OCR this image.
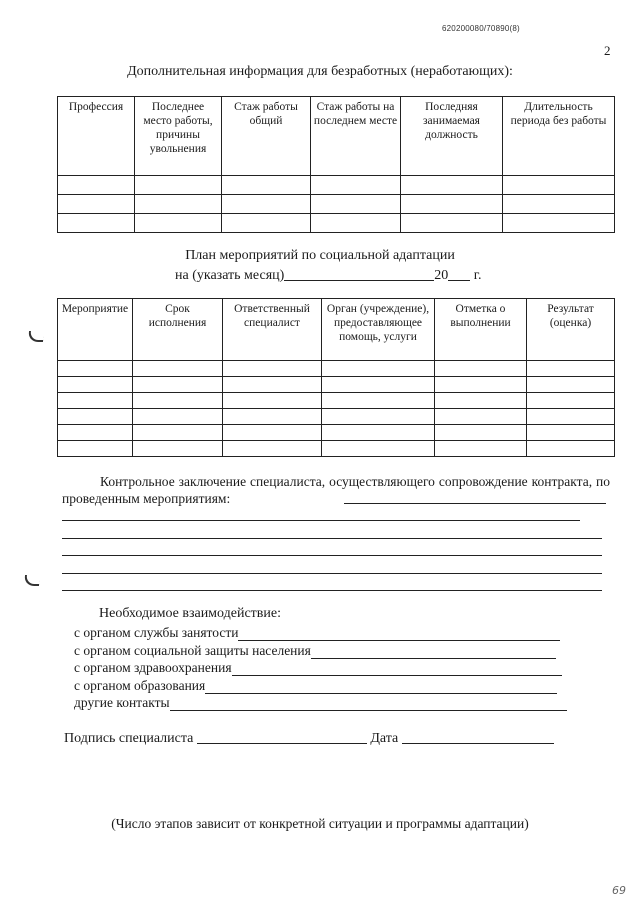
620200080/70890(8)
2
Дополнительная информация для безработных (неработающих):
Профессия	Последнее место работы, причины увольнения	Стаж работы общий	Стаж работы на последнем месте	Последняя занимаемая должность	Длительность периода без работы

План мероприятий по социальной адаптации
на (указать месяц)	20 г.
Мероприятие	Срок исполнения	Ответственный специалист	Орган (учреждение), предоставляющее помощь, услуги	Отметка о выполнении	Результат (оценка)

Контрольное заключение специалиста, осуществляющего сопровождение контракта, по проведенным мероприятиям:
Необходимое взаимодействие:
с органом службы занятости
с органом социальной защиты населения
с органом здравоохранения
с органом образования
другие контакты
Подпись специалиста	Дата
(Число этапов зависит от конкретной ситуации и программы адаптации)
69
